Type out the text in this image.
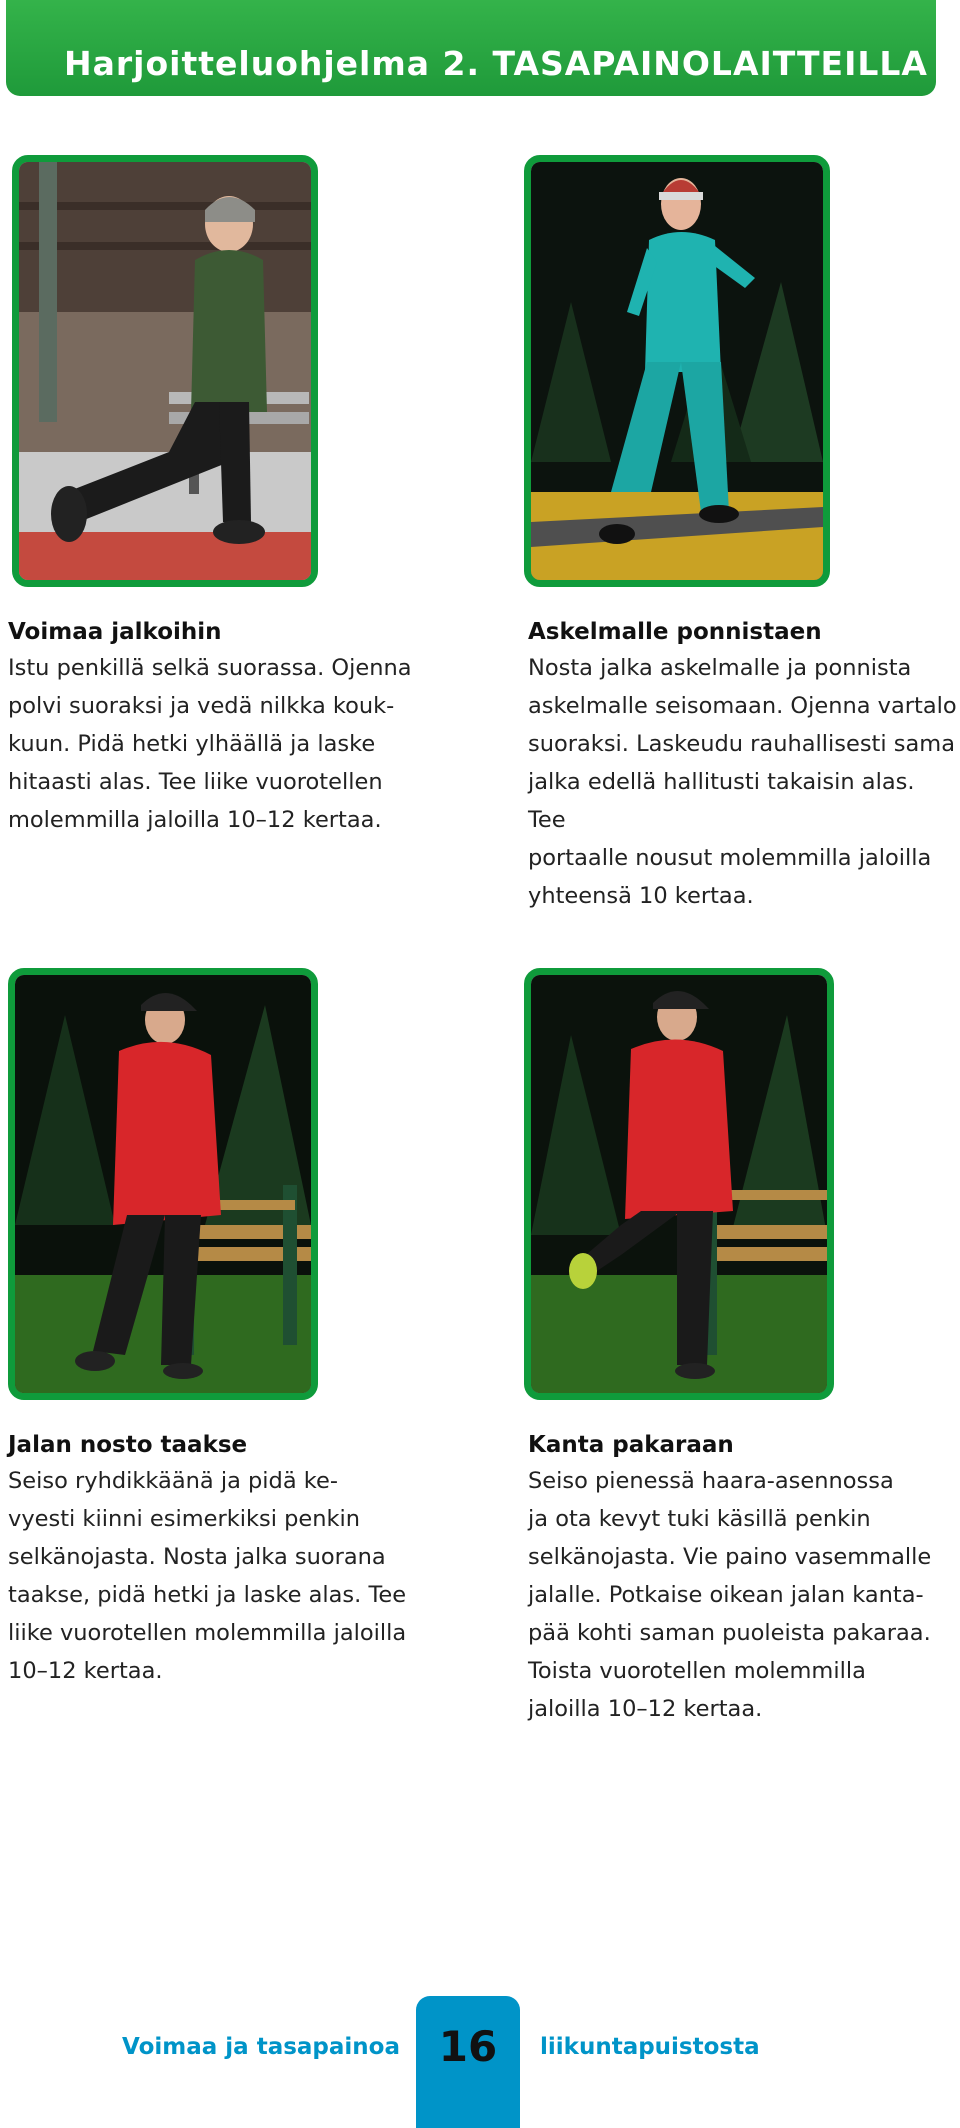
Harjoitteluohjelma 2. TASAPAINOLAITTEILLA
Voimaa jalkoihin

Istu penkillä selkä suorassa. Ojenna
polvi suoraksi ja vedä nilkka kouk-
kuun. Pidä hetki ylhäällä ja laske
hitaasti alas. Tee liike vuorotellen
molemmilla jaloilla 10–12 kertaa.

Askelmalle ponnistaen

Nosta jalka askelmalle ja ponnista
askelmalle seisomaan. Ojenna vartalo
suoraksi. Laskeudu rauhallisesti sama
jalka edellä hallitusti takaisin alas. Tee
portaalle nousut molemmilla jaloilla
yhteensä 10 kertaa.

Jalan nosto taakse

Seiso ryhdikkäänä ja pidä ke-
vyesti kiinni esimerkiksi penkin
selkänojasta. Nosta jalka suorana
taakse, pidä hetki ja laske alas. Tee
liike vuorotellen molemmilla jaloilla
10–12 kertaa.

Kanta pakaraan

Seiso pienessä haara-asennossa
ja ota kevyt tuki käsillä penkin
selkänojasta. Vie paino vasemmalle
jalalle. Potkaise oikean jalan kanta-
pää kohti saman puoleista pakaraa.
Toista vuorotellen molemmilla
jaloilla 10–12 kertaa.

Voimaa ja tasapainoa 16	liikuntapuistosta
